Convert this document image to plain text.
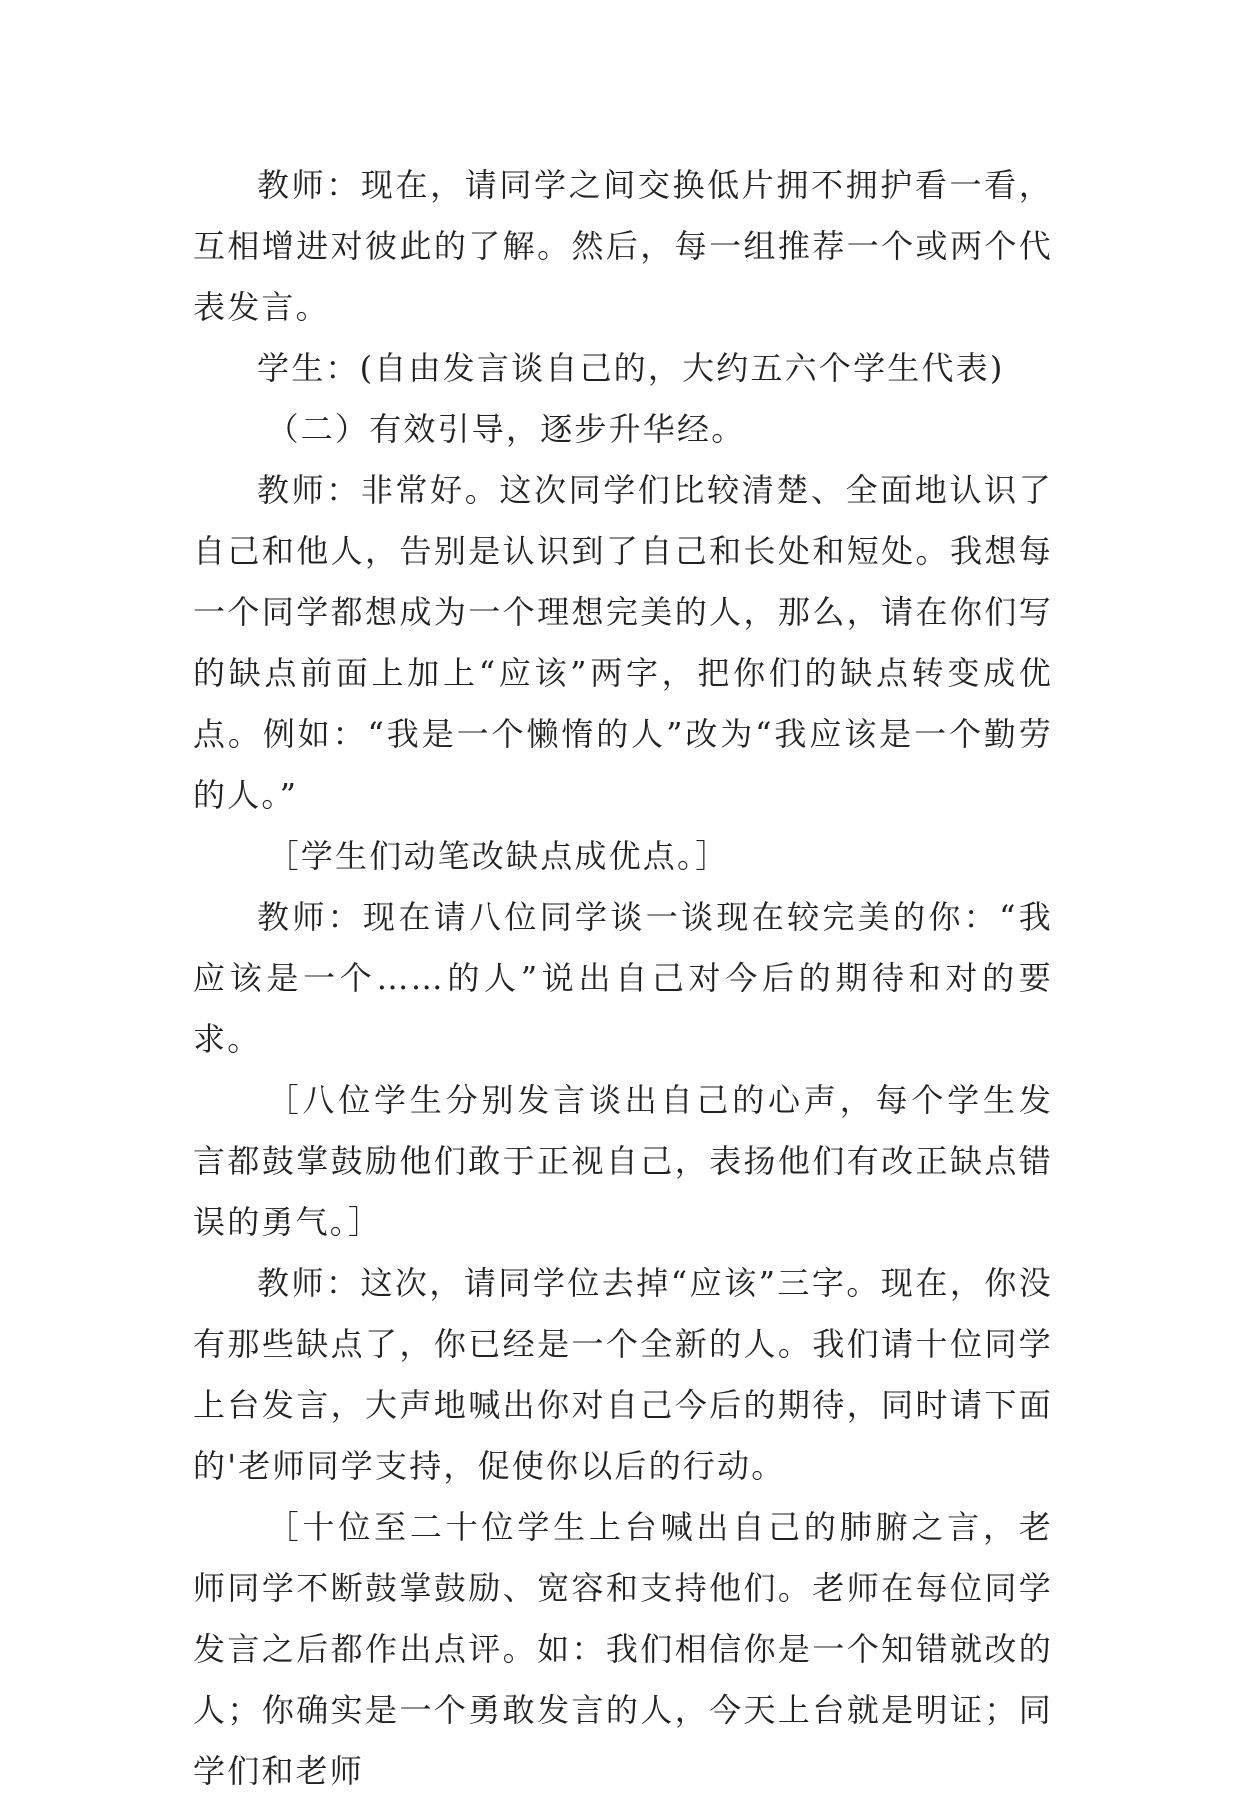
教师：现在，请同学之间交换低片拥不拥护看一看，互相增进对彼此的了解。然后，每一组推荐一个或两个代表发言。

学生：(自由发言谈自己的，大约五六个学生代表)

（二）有效引导，逐步升华经。

教师：非常好。这次同学们比较清楚、全面地认识了自己和他人，告别是认识到了自己和长处和短处。我想每一个同学都想成为一个理想完美的人，那么，请在你们写的缺点前面上加上“应该”两字，把你们的缺点转变成优点。例如：“我是一个懒惰的人”改为“我应该是一个勤劳的人。”

［学生们动笔改缺点成优点。］

教师：现在请八位同学谈一谈现在较完美的你：“我应该是一个……的人”说出自己对今后的期待和对的要求。

［八位学生分别发言谈出自己的心声，每个学生发言都鼓掌鼓励他们敢于正视自己，表扬他们有改正缺点错误的勇气。］

教师：这次，请同学位去掉“应该”三字。现在，你没有那些缺点了，你已经是一个全新的人。我们请十位同学上台发言，大声地喊出你对自己今后的期待，同时请下面的'老师同学支持，促使你以后的行动。

［十位至二十位学生上台喊出自己的肺腑之言，老师同学不断鼓掌鼓励、宽容和支持他们。老师在每位同学发言之后都作出点评。如：我们相信你是一个知错就改的人；你确实是一个勇敢发言的人，今天上台就是明证；同学们和老师
